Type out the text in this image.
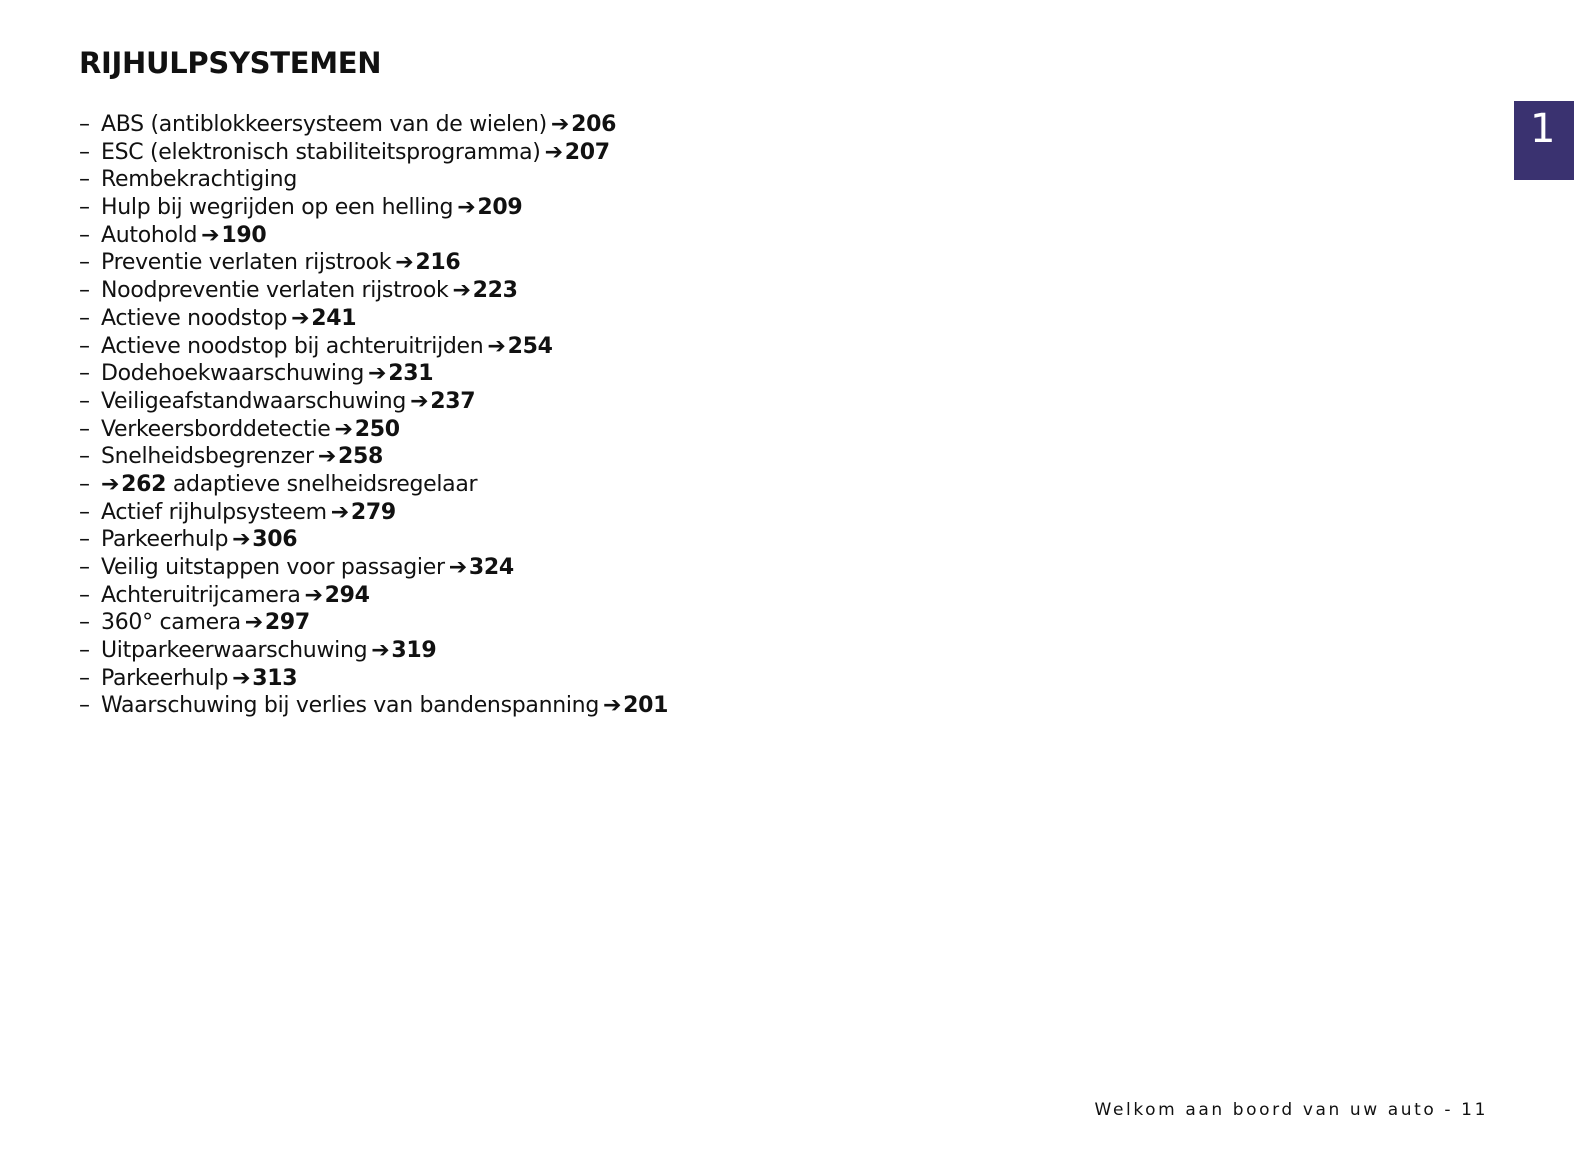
RIJHULPSYSTEMEN
1
– ABS (antiblokkeersysteem van de wielen) ➔206
– ESC (elektronisch stabiliteitsprogramma) ➔207
– Rembekrachtiging
– Hulp bij wegrijden op een helling ➔209
– Autohold ➔190
– Preventie verlaten rijstrook ➔216
– Noodpreventie verlaten rijstrook ➔223
– Actieve noodstop ➔241
– Actieve noodstop bij achteruitrijden ➔254
– Dodehoekwaarschuwing ➔231
– Veiligeafstandwaarschuwing ➔237
– Verkeersborddetectie ➔250
– Snelheidsbegrenzer ➔258
– ➔262 adaptieve snelheidsregelaar
– Actief rijhulpsysteem ➔279
– Parkeerhulp ➔306
– Veilig uitstappen voor passagier ➔324
– Achteruitrijcamera ➔294
– 360° camera ➔297
– Uitparkeerwaarschuwing ➔319
– Parkeerhulp ➔313
– Waarschuwing bij verlies van bandenspanning ➔201
Welkom aan boord van uw auto - 11
